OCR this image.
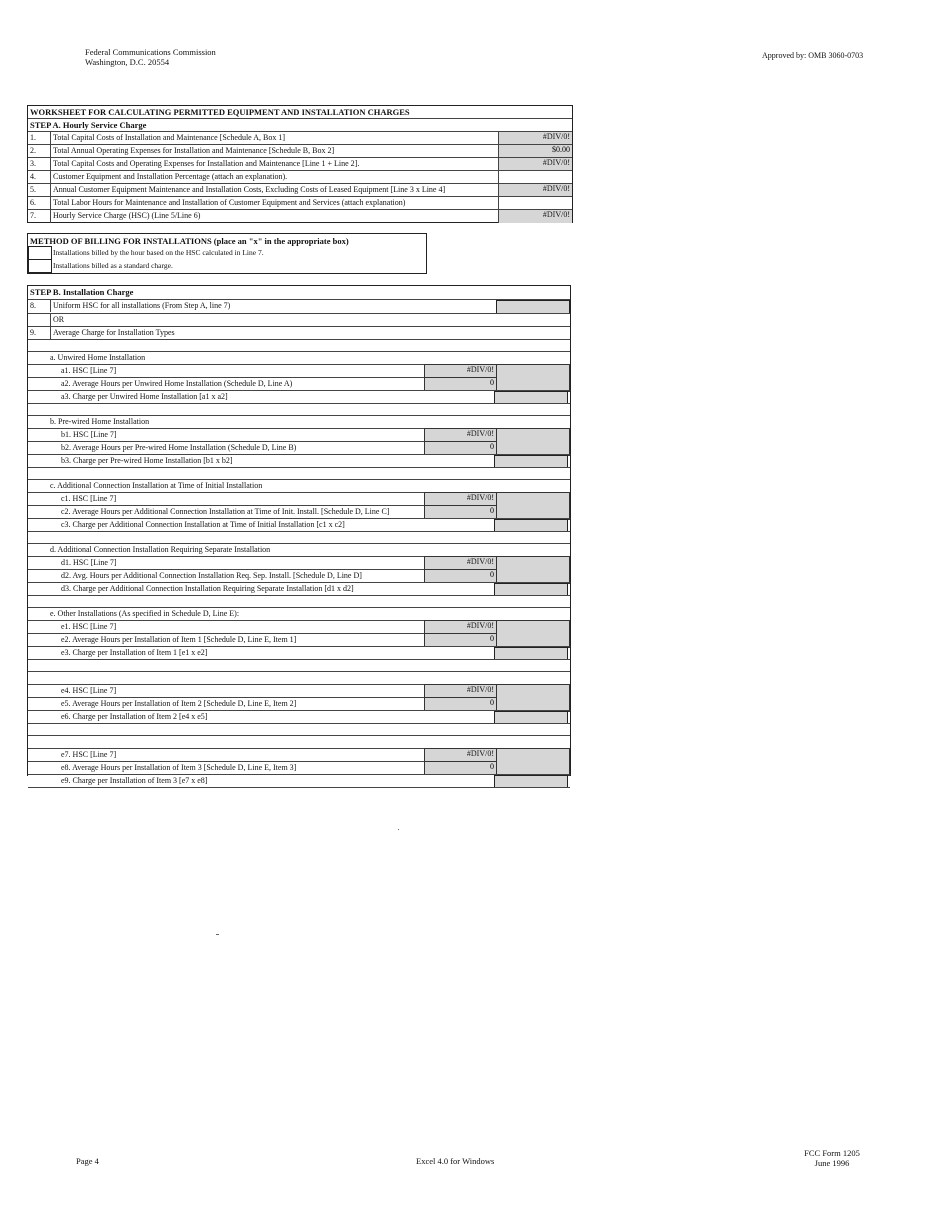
Federal Communications Commission
Washington, D.C. 20554
Approved by: OMB 3060-0703
WORKSHEET FOR CALCULATING PERMITTED EQUIPMENT AND INSTALLATION CHARGES
STEP A. Hourly Service Charge
1. Total Capital Costs of Installation and Maintenance [Schedule A, Box 1]	#DIV/0!
2. Total Annual Operating Expenses for Installation and Maintenance [Schedule B, Box 2]	$0.00
3. Total Capital Costs and Operating Expenses for Installation and Maintenance [Line 1 + Line 2].	#DIV/0!
4. Customer Equipment and Installation Percentage (attach an explanation).
5. Annual Customer Equipment Maintenance and Installation Costs, Excluding Costs of Leased Equipment [Line 3 x Line 4]	#DIV/0!
6. Total Labor Hours for Maintenance and Installation of Customer Equipment and Services (attach explanation)
7. Hourly Service Charge (HSC) (Line 5/Line 6)	#DIV/0!
METHOD OF BILLING FOR INSTALLATIONS (place an "x" in the appropriate box)
Installations billed by the hour based on the HSC calculated in Line 7.
Installations billed as a standard charge.
STEP B. Installation Charge
8. Uniform HSC for all installations (From Step A, line 7)
OR
9. Average Charge for Installation Types
a. Unwired Home Installation
a1. HSC [Line 7]	#DIV/0!
a2. Average Hours per Unwired Home Installation (Schedule D, Line A)	0
a3. Charge per Unwired Home Installation [a1 x a2]
b. Pre-wired Home Installation
b1. HSC [Line 7]	#DIV/0!
b2. Average Hours per Pre-wired Home Installation (Schedule D, Line B)	0
b3. Charge per Pre-wired Home Installation [b1 x b2]
c. Additional Connection Installation at Time of Initial Installation
c1. HSC [Line 7]	#DIV/0!
c2. Average Hours per Additional Connection Installation at Time of Init. Install. [Schedule D, Line C]	0
c3. Charge per Additional Connection Installation at Time of Initial Installation [c1 x c2]
d. Additional Connection Installation Requiring Separate Installation
d1. HSC [Line 7]	#DIV/0!
d2. Avg. Hours per Additional Connection Installation Req. Sep. Install. [Schedule D, Line D]	0
d3. Charge per Additional Connection Installation Requiring Separate Installation [d1 x d2]
e. Other Installations (As specified in Schedule D, Line E):
e1. HSC [Line 7]	#DIV/0!
e2. Average Hours per Installation of Item 1 [Schedule D, Line E, Item 1]	0
e3. Charge per Installation of Item 1 [e1 x e2]
e4. HSC [Line 7]	#DIV/0!
e5. Average Hours per Installation of Item 2 [Schedule D, Line E, Item 2]	0
e6. Charge per Installation of Item 2 [e4 x e5]
e7. HSC [Line 7]	#DIV/0!
e8. Average Hours per Installation of Item 3 [Schedule D, Line E, Item 3]	0
e9. Charge per Installation of Item 3 [e7 x e8]
Page 4	Excel 4.0 for Windows
FCC Form 1205
June 1996
